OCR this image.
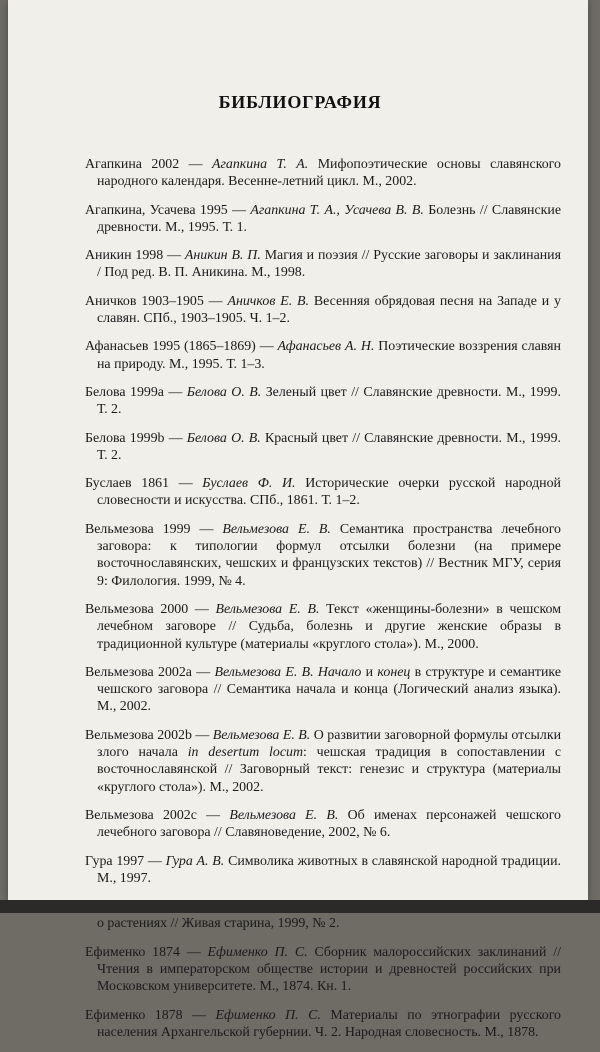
БИБЛИОГРАФИЯ

Агапкина 2002 — Агапкина Т. А. Мифопоэтические основы славянского народного календаря. Весенне-летний цикл. М., 2002.

Агапкина, Усачева 1995 — Агапкина Т. А., Усачева В. В. Болезнь // Славянские древности. М., 1995. Т. 1.

Аникин 1998 — Аникин В. П. Магия и поэзия // Русские заговоры и заклинания / Под ред. В. П. Аникина. М., 1998.

Аничков 1903–1905 — Аничков Е. В. Весенняя обрядовая песня на Западе и у славян. СПб., 1903–1905. Ч. 1–2.

Афанасьев 1995 (1865–1869) — Афанасьев А. Н. Поэтические воззрения славян на природу. М., 1995. Т. 1–3.

Белова 1999a — Белова О. В. Зеленый цвет // Славянские древности. М., 1999. Т. 2.

Белова 1999b — Белова О. В. Красный цвет // Славянские древности. М., 1999. Т. 2.

Буслаев 1861 — Буслаев Ф. И. Исторические очерки русской народной словесности и искусства. СПб., 1861. Т. 1–2.

Вельмезова 1999 — Вельмезова Е. В. Семантика пространства лечебного заговора: к типологии формул отсылки болезни (на примере восточнославянских, чешских и французских текстов) // Вестник МГУ, серия 9: Филология. 1999, № 4.

Вельмезова 2000 — Вельмезова Е. В. Текст «женщины-болезни» в чешском лечебном заговоре // Судьба, болезнь и другие женские образы в традиционной культуре (материалы «круглого стола»). М., 2000.

Вельмезова 2002a — Вельмезова Е. В. Начало и конец в структуре и семантике чешского заговора // Семантика начала и конца (Логический анализ языка). М., 2002.

Вельмезова 2002b — Вельмезова Е. В. О развитии заговорной формулы отсылки злого начала in desertum locum: чешская традиция в сопоставлении с восточнославянской // Заговорный текст: генезис и структура (материалы «круглого стола»). М., 2002.

Вельмезова 2002c — Вельмезова Е. В. Об именах персонажей чешского лечебного заговора // Славяноведение, 2002, № 6.

Гура 1997 — Гура А. В. Символика животных в славянской народной традиции. М., 1997.

о растениях // Живая старина, 1999, № 2.

Ефименко 1874 — Ефименко П. С. Сборник малороссийских заклинаний // Чтения в императорском обществе истории и древностей российских при Московском университете. М., 1874. Кн. 1.

Ефименко 1878 — Ефименко П. С. Материалы по этнографии русского населения Архангельской губернии. Ч. 2. Народная словесность. М., 1878.
